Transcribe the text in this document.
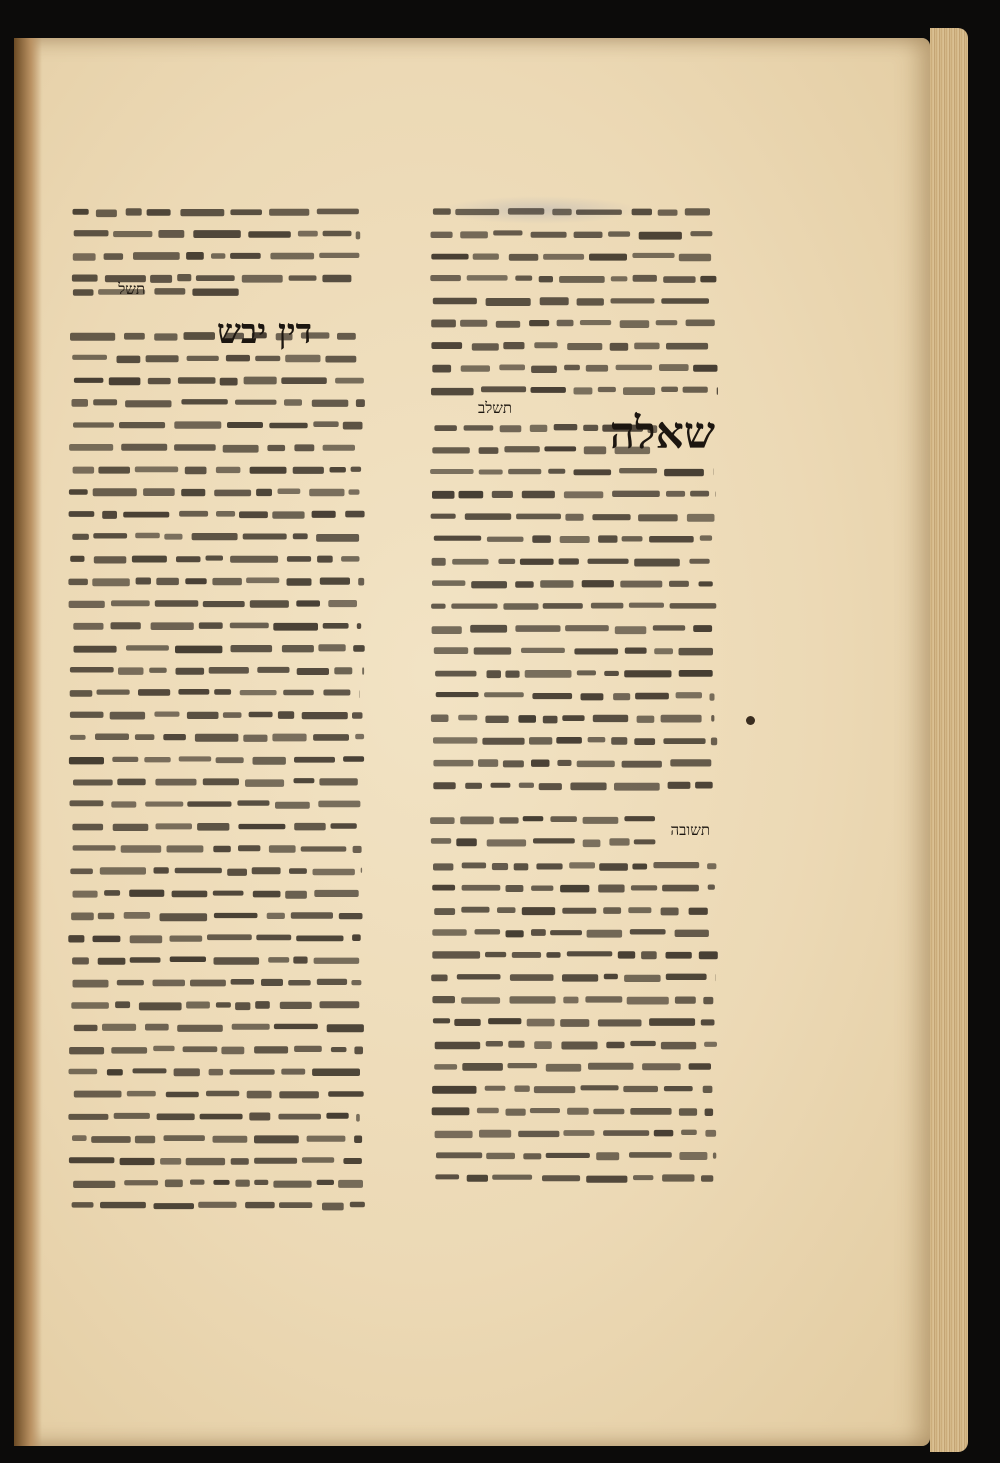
שאלה
תשלב
תשובה
דין יבש
תשל
